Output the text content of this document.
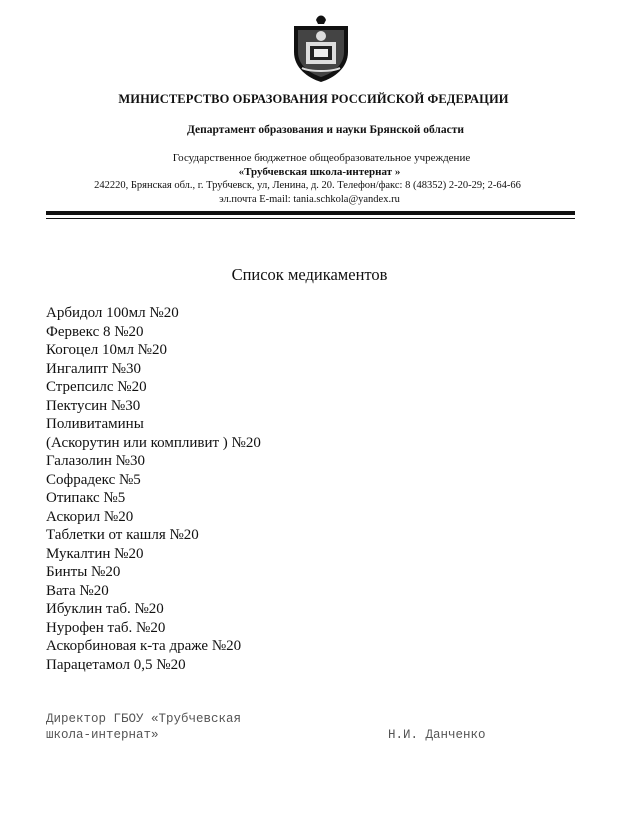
МИНИСТЕРСТВО ОБРАЗОВАНИЯ РОССИЙСКОЙ ФЕДЕРАЦИИ
Департамент образования и науки Брянской области
Государственное бюджетное общеобразовательное учреждение
«Трубчевская школа-интернат »
242220, Брянская обл., г. Трубчевск, ул, Ленина, д. 20. Телефон/факс: 8 (48352) 2-20-29; 2-64-66
эл.почта E-mail: tania.schkola@yandex.ru
Список медикаментов
Арбидол 100мл №20
Фервекс 8 №20
Когоцел 10мл №20
Ингалипт №30
Стрепсилс №20
Пектусин №30
Поливитамины
(Аскорутин или компливит ) №20
Галазолин №30
Софрадекс №5
Отипакс №5
Аскорил №20
Таблетки от кашля №20
Мукалтин №20
Бинты №20
Вата №20
Ибуклин таб. №20
Нурофен таб. №20
Аскорбиновая к-та драже №20
Парацетамол 0,5 №20
Директор ГБОУ «Трубчевская
школа-интернат»	Н.И. Данченко
